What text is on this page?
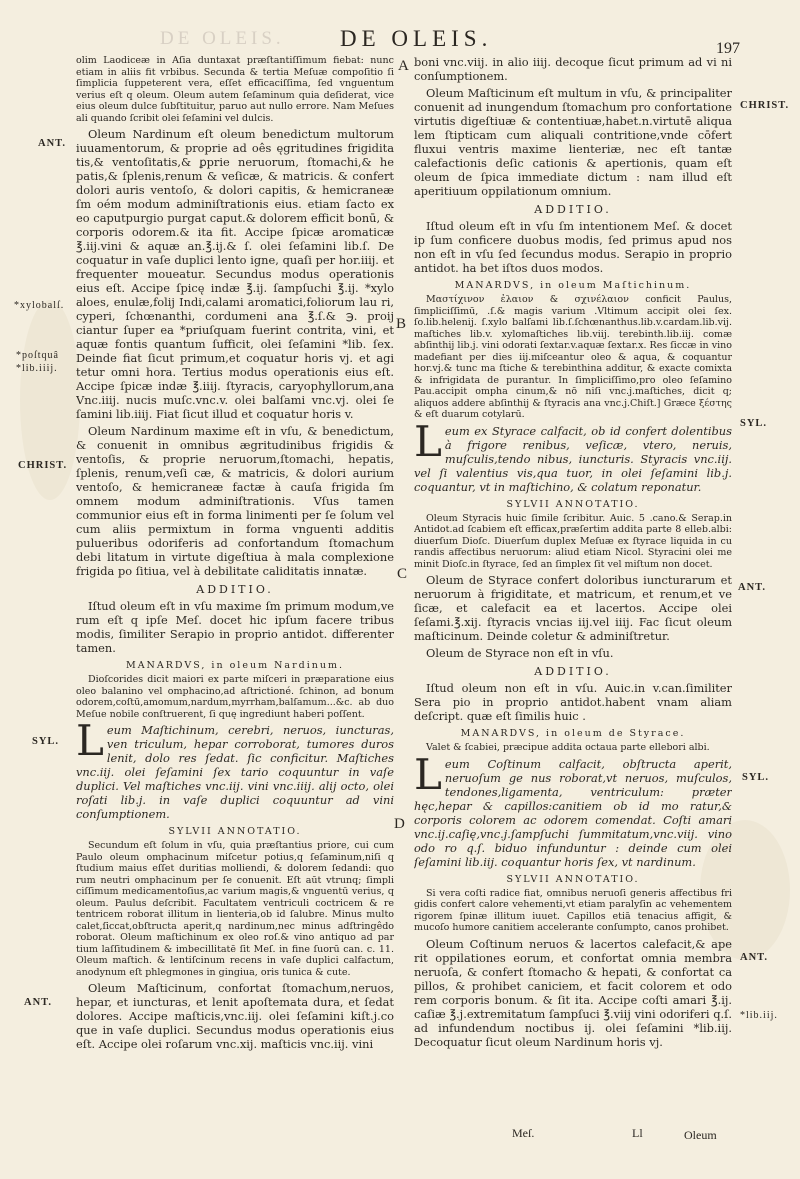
DE OLEIS. DE OLEIS.	197
ANT.
*xylobalſ.
*poſtquâ
*lib.iiij.
CHRIST.
SYL.
ANT.
CHRIST.
SYL.
ANT.
SYL.
ANT.
*lib.iij.
A
B
C
D

olim Laodiceæ in Aſia duntaxat præſtantiſſimum fiebat: nunc etiam in aliis fit vrbibus. Secunda & tertia Meſuæ compoſitio ſi ſimplicia ſuppeterent vera, eſſet efficaciſſima, ſed vnguentum verius eſt q oleum. Oleum autem ſeſaminum quia deſiderat, vice eius oleum dulce ſubſtituitur, paruo aut nullo errore. Nam Meſues ali quando ſcribit olei ſeſamini vel dulcis.

Oleum Nardinum eſt oleum benedictum multorum iuuamentorum, & proprie ad oês ęgritudines frigidita tis,& ventoſitatis,& ꝑprie neruorum, ſtomachi,& he patis,& ſplenis,renum & veſicæ, & matricis. & confert dolori auris ventoſo, & dolori capitis, & hemicraneæ ſm oém modum adminiſtrationis eius. etiam ſacto ex eo caputpurgio purgat caput.& dolorem efficit bonū, & corporis odorem.& ita fit. Accipe ſpicæ aromaticæ ℥.iij.vini & aquæ an.℥.ij.& ſ. olei ſeſamini lib.ſ. De coquatur in vaſe duplici lento igne, quaſi per hor.iiij. et frequenter moueatur. Secundus modus operationis eius eſt. Accipe ſpicę indæ ℥.ij. ſampſuchi ℥.ij. *xylo aloes, enulæ,folij Indi,calami aromatici,foliorum lau ri, cyperi, ſchœnanthi, cordumeni ana ℥.ſ.& ℈. proij ciantur ſuper ea *priuſquam fuerint contrita, vini, et aquæ fontis quantum ſufficit, olei ſeſamini *lib. ſex. Deinde fiat ſicut primum,et coquatur horis vj. et agi tetur omni hora. Tertius modus operationis eius eſt. Accipe ſpicæ indæ ℥.iiij. ſtyracis, caryophyllorum,ana Vnc.iiij. nucis muſc.vnc.v. olei balſami vnc.vj. olei ſe ſamini lib.iiij. Fiat ſicut illud et coquatur horis v.

Oleum Nardinum maxime eſt in vſu, & benedictum, & conuenit in omnibus ægritudinibus frigidis & ventoſis, & proprie neruorum,ſtomachi, hepatis, ſplenis, renum,veſi cæ, & matricis, & dolori aurium ventoſo, & hemicraneæ factæ à cauſa frigida ſm omnem modum adminiſtrationis. Vſus tamen communior eius eſt in forma linimenti per ſe ſolum vel cum aliis permixtum in forma vnguenti additis pulueribus odoriferis ad confortandum ſtomachum debi litatum in virtute digeſtiua à mala complexione frigida po ſitiua, vel à debilitate caliditatis innatæ.

ADDITIO.

Iſtud oleum eſt in vſu maxime ſm primum modum,ve rum eſt q ipſe Meſ. docet hic ipſum facere tribus modis, ſimiliter Serapio in proprio antidot. differenter tamen.

MANARDVS, in oleum Nardinum.

Dioſcorides dicit maiori ex parte miſceri in præparatione eius oleo balanino vel omphacino,ad aſtrictioné. ſchinon, ad bonum odorem,coſtū,amomum,nardum,myrrham,balſamum...&c. ab duo Meſue nobile conſtruerent, ſi quę ingrediunt haberi poſſent.

Leum Maſtichinum, cerebri, neruos, iuncturas, ven triculum, hepar corroborat, tumores duros lenit, dolo res ſedat. ſic conficitur. Maſtiches vnc.iij. olei ſeſamini ſex tario coquuntur in vaſe duplici. Vel maſtiches vnc.iij. vini vnc.iiij. alij octo, olei roſati lib.j. in vaſe duplici coquuntur ad vini conſumptionem.

SYLVII ANNOTATIO.

Secundum eſt ſolum in vſu, quia præſtantius priore, cui cum Paulo oleum omphacinum miſcetur potius,q ſeſaminum,niſi q ſtudium maius eſſet duritias molliendi, & dolorem ſedandi: quo rum neutri omphacinum per ſe conuenit. Eſt aūt vtrunq; ſimpli ciſſimum medicamentoſius,ac varium magis,& vnguentū verius, q oleum. Paulus deſcribit. Facultatem ventriculi coctricem & re tentricem roborat illitum in lienteria,ob id ſalubre. Minus multo calet,ſiccat,obſtructa aperit,q nardinum,nec minus adſtringêdo roborat. Oleum maſtichinum ex oleo roſ.& vino antiquo ad par tium laſſitudinem & imbecillitatē ſit Meſ. in fine ſuorū can. c. 11. Oleum maſtich. & lentiſcinum recens in vaſe duplici calfactum, anodynum eſt phlegmones in gingiua, oris tunica & cute.

Oleum Maſticinum, confortat ſtomachum,neruos, hepar, et iuncturas, et lenit apoſtemata dura, et ſedat dolores. Accipe maſticis,vnc.iij. olei ſeſamini kiſt.j.co que in vaſe duplici. Secundus modus operationis eius eſt. Accipe olei roſarum vnc.xij. maſticis vnc.iij. vini

boni vnc.viij. in alio iiij. decoque ſicut primum ad vi ni conſumptionem.

Oleum Maſticinum eſt multum in vſu, & principaliter conuenit ad inungendum ſtomachum pro confortatione virtutis digeſtiuæ & contentiuæ,habet.n.virtutē aliqua lem ſtipticam cum aliquali contritione,vnde cōfert fluxui ventris maxime lienteriæ, nec eſt tantæ calefactionis deſic cationis & apertionis, quam eſt oleum de ſpica immediate dictum : nam illud eſt aperitiuum oppilationum omnium.

ADDITIO.

Iſtud oleum eſt in vſu ſm intentionem Meſ. & docet ip ſum conficere duobus modis, ſed primus apud nos non eſt in vſu ſed ſecundus modus. Serapio in proprio antidot. ha bet iſtos duos modos.

MANARDVS, in oleum Maſtichinum.

Μαστίχινον ἐλαιον & σχινέλαιον conficit Paulus, ſimpliciſſimū, .ſ.& magis varium .Vltimum accipit olei ſex. ſo.lib.helenij. ſ.xylo balſami lib.ſ.ſchœnanthus.lib.v.cardam.lib.vij. maſtiches lib.v. xylomaſtiches lib.viij. terebinth.lib.iij. comæ abſinthij lib.j. vini odorati ſextar.v.aquæ ſextar.x. Res ſiccæ in vino madefiant per dies iij.miſceantur oleo & aqua, & coquantur hor.vj.& tunc ma ſtiche & terebinthina additur, & exacte comixta & infrigidata de purantur. In ſimpliciſſimo,pro oleo ſeſamino Pau.accipit ompha cinum,& nō niſi vnc.j.maſtiches, dicit q; aliquos addere abſinthij & ſtyracis ana vnc.j.Chiſt.] Græce ξέστης & eſt duarum cotylarū.

Leum ex Styrace calfacit, ob id confert dolentibus à frigore renibus, veſicæ, vtero, neruis, muſculis,tendo nibus, iuncturis. Styracis vnc.iij. vel ſi valentius vis,qua tuor, in olei ſeſamini lib.j. coquantur, vt in maſtichino, & colatum reponatur.

SYLVII ANNOTATIO.

Oleum Styracis huic ſimile ſcribitur. Auic. 5 .cano.& Serap.in Antidot.ad ſcabiem eſt efficax,præſertim addita parte 8 elleb.albi: diuerſum Dioſc. Diuerſum duplex Meſuæ ex ſtyrace liquida in cu randis affectibus neruorum: aliud etiam Nicol. Styracini olei me minit Dioſc.in ſtyrace, ſed an ſimplex ſit vel miſtum non docet.

Oleum de Styrace confert doloribus iuncturarum et neruorum à frigiditate, et matricum, et renum,et ve ſicæ, et calefacit ea et lacertos. Accipe olei ſeſami.℥.xij. ſtyracis vncias iij.vel iiij. Fac ſicut oleum maſticinum. Deinde coletur & adminiſtretur.

Oleum de Styrace non eſt in vſu.

ADDITIO.

Iſtud oleum non eſt in vſu. Auic.in v.can.ſimiliter Sera pio in proprio antidot.habent vnam aliam deſcript. quæ eſt ſimilis huic .

MANARDVS, in oleum de Styrace.

Valet & ſcabiei, præcipue addita octaua parte ellebori albi.

Leum Coſtinum calfacit, obſtructa aperit, neruoſum ge nus roborat,vt neruos, muſculos, tendones,ligamenta, ventriculum: præter hęc,hepar & capillos:canitiem ob id mo ratur,& corporis colorem ac odorem comendat. Coſti amari vnc.ij.caſię,vnc.j.ſampſuchi ſummitatum,vnc.viij. vino odo ro q.ſ. biduo infunduntur : deinde cum olei ſeſamini lib.iij. coquantur horis ſex, vt nardinum.

SYLVII ANNOTATIO.

Si vera coſti radice fiat, omnibus neruoſi generis affectibus fri gidis confert calore vehementi,vt etiam paralyſin ac vehementem rigorem ſpinæ illitum iuuet. Capillos etiā tenacius affigit, & mucoſo humore canitiem accelerante conſumpto, canos prohibet.

Oleum Coſtinum neruos & lacertos calefacit,& ape rit oppilationes eorum, et confortat omnia membra neruoſa, & confert ſtomacho & hepati, & confortat ca pillos, & prohibet caniciem, et facit colorem et odo rem corporis bonum. & ſit ita. Accipe coſti amari ℥.ij. caſiæ ℥.j.extremitatum ſampſuci ℥.viij vini odoriferi q.ſ. ad infundendum noctibus ij. olei ſeſamini *lib.iij. Decoquatur ſicut oleum Nardinum horis vj.

Meſ.	Ll	Oleum
